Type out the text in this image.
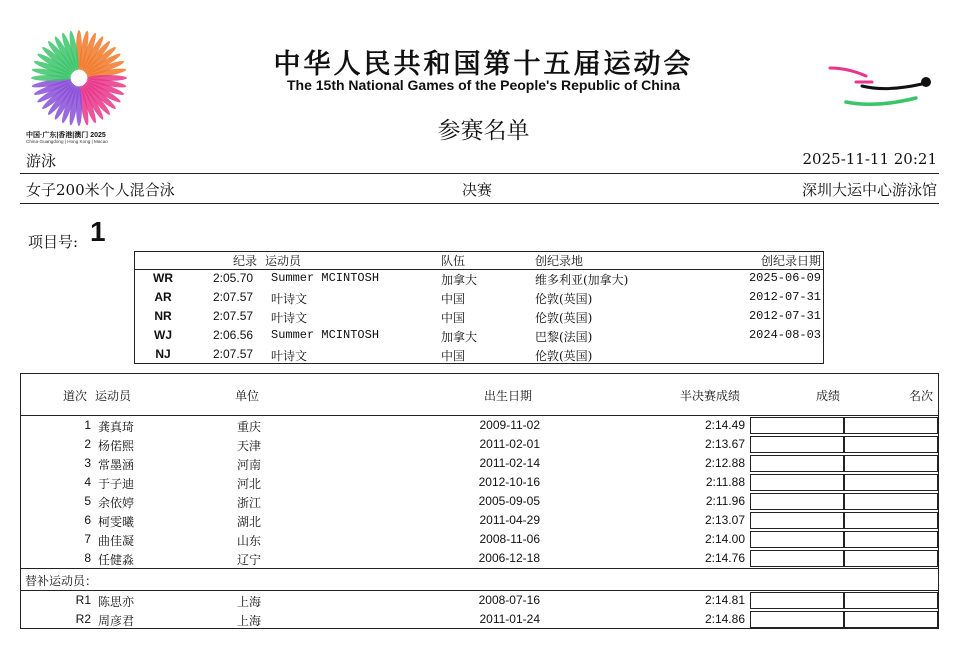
中国·广东|香港|澳门 2025
China·Guangdong | Hong Kong | Macao
中华人民共和国第十五届运动会
The 15th National Games of the People's Republic of China
参赛名单
游泳	2025-11-11 20:21
女子200米个人混合泳	决赛	深圳大运中心游泳馆
项目号: 1
纪录 运动员	队伍	创纪录地	创纪录日期
WR	2:05.70 Summer MCINTOSH	加拿大	维多利亚(加拿大)	2025-06-09
AR	2:07.57 叶诗文	中国	伦敦(英国)	2012-07-31
NR	2:07.57 叶诗文	中国	伦敦(英国)	2012-07-31
WJ	2:06.56 Summer MCINTOSH	加拿大	巴黎(法国)	2024-08-03
NJ	2:07.57 叶诗文	中国	伦敦(英国)
道次 运动员	单位	出生日期	半决赛成绩	成绩	名次
1 龚真琦	重庆	2009-11-02	2:14.49
2 杨偌熙	天津	2011-02-01	2:13.67
3 常墨涵	河南	2011-02-14	2:12.88
4 于子迪	河北	2012-10-16	2:11.88
5 余依婷	浙江	2005-09-05	2:11.96
6 柯雯曦	湖北	2011-04-29	2:13.07
7 曲佳凝	山东	2008-11-06	2:14.00
8 任健淼	辽宁	2006-12-18	2:14.76
替补运动员：
R1 陈思亦	上海	2008-07-16	2:14.81
R2 周彦君	上海	2011-01-24	2:14.86
